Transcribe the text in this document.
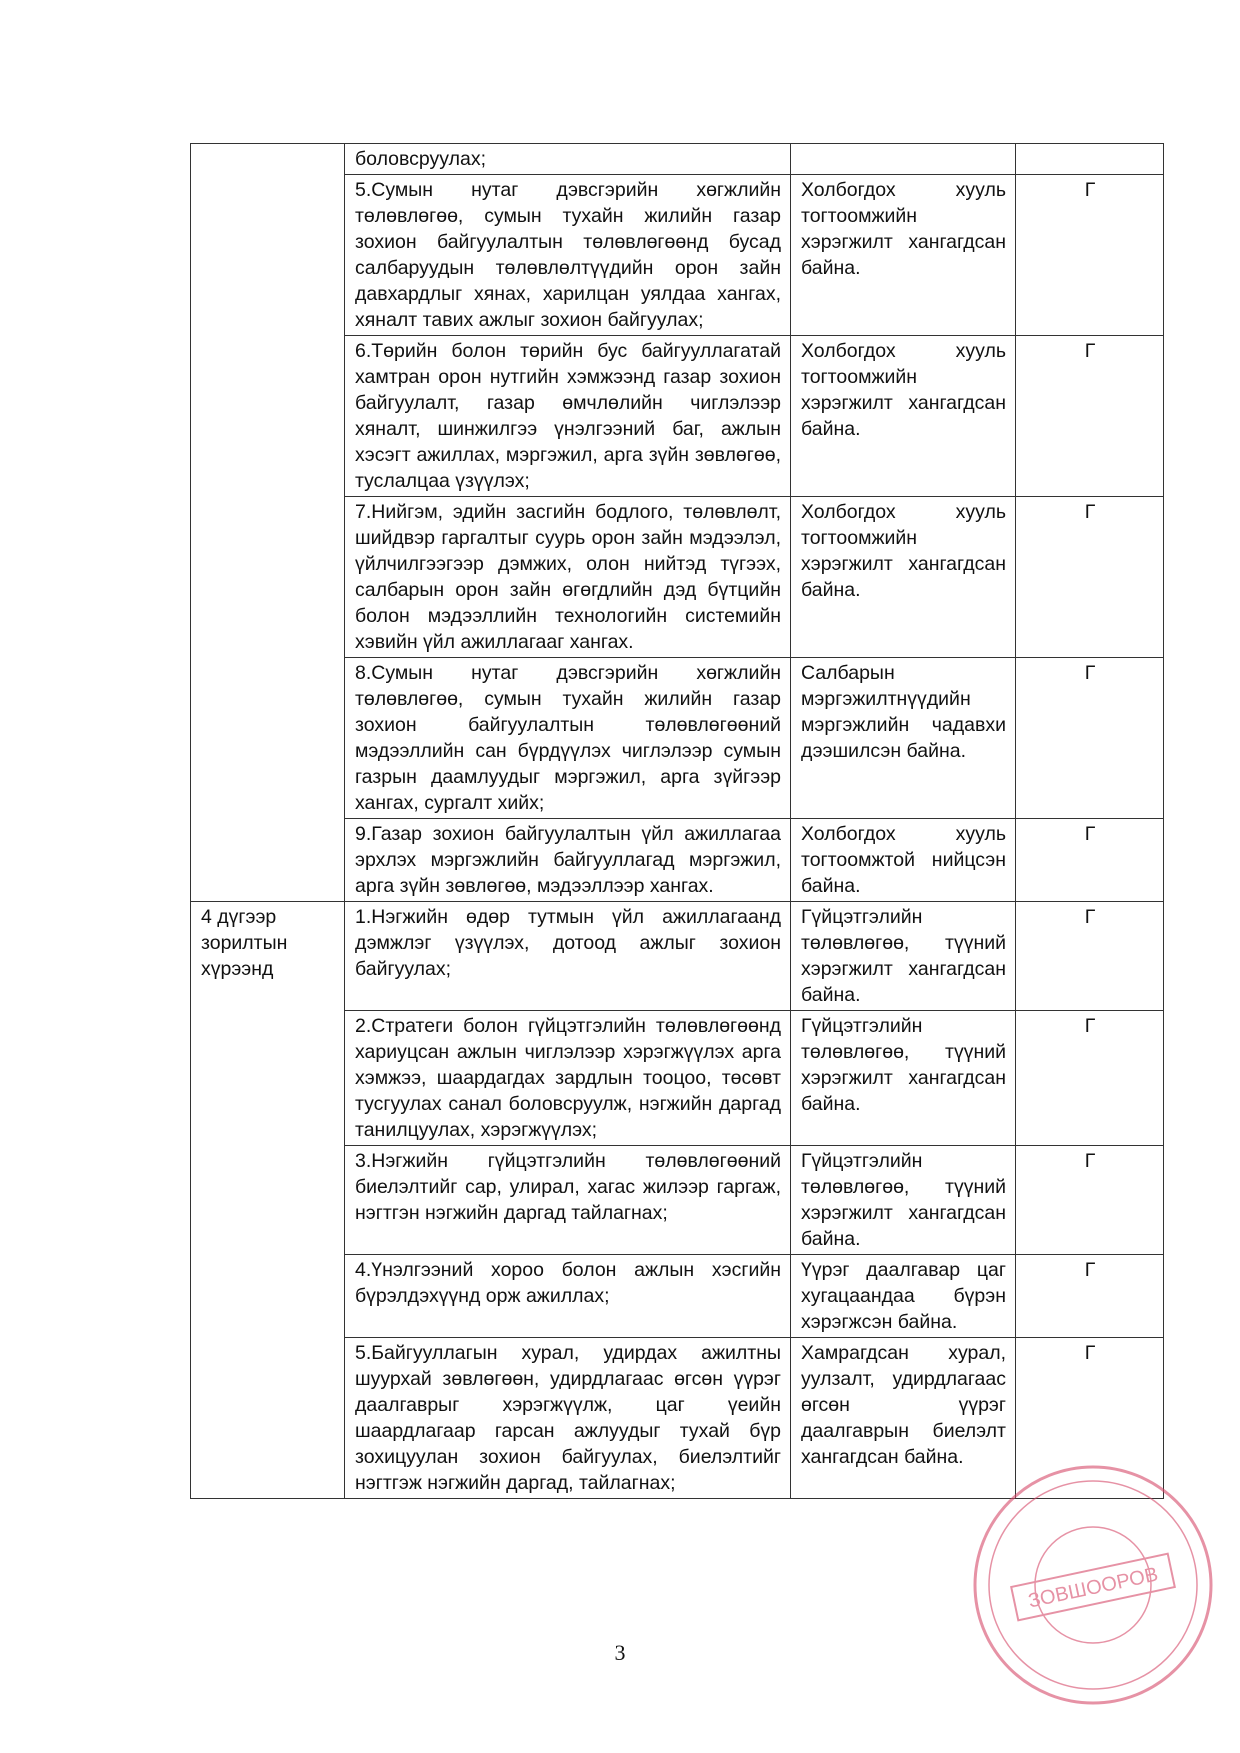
	боловсруулах;		
	5.Сумын нутаг дэвсгэрийн хөгжлийн төлөвлөгөө, сумын тухайн жилийн газар зохион байгуулалтын төлөвлөгөөнд бусад салбаруудын төлөвлөлтүүдийн орон зайн давхардлыг хянах, харилцан уялдаа хангах, хяналт тавих ажлыг зохион байгуулах;	Холбогдох хууль тогтоомжийн хэрэгжилт хангагдсан байна.	Г
	6.Төрийн болон төрийн бус байгууллагатай хамтран орон нутгийн хэмжээнд газар зохион байгуулалт, газар өмчлөлийн чиглэлээр хяналт, шинжилгээ үнэлгээний баг, ажлын хэсэгт ажиллах, мэргэжил, арга зүйн зөвлөгөө, туслалцаа үзүүлэх;	Холбогдох хууль тогтоомжийн хэрэгжилт хангагдсан байна.	Г
	7.Нийгэм, эдийн засгийн бодлого, төлөвлөлт, шийдвэр гаргалтыг суурь орон зайн мэдээлэл, үйлчилгээгээр дэмжих, олон нийтэд түгээх, салбарын орон зайн өгөгдлийн дэд бүтцийн болон мэдээллийн технологийн системийн хэвийн үйл ажиллагааг хангах.	Холбогдох хууль тогтоомжийн хэрэгжилт хангагдсан байна.	Г
	8.Сумын нутаг дэвсгэрийн хөгжлийн төлөвлөгөө, сумын тухайн жилийн газар зохион байгуулалтын төлөвлөгөөний мэдээллийн сан бүрдүүлэх чиглэлээр сумын газрын даамлуудыг мэргэжил, арга зүйгээр хангах, сургалт хийх;	Салбарын мэргэжилтнүүдийн мэргэжлийн чадавхи дээшилсэн байна.	Г
	9.Газар зохион байгуулалтын үйл ажиллагаа эрхлэх мэргэжлийн байгууллагад мэргэжил, арга зүйн зөвлөгөө, мэдээллээр хангах.	Холбогдох хууль тогтоомжтой нийцсэн байна.	Г
4 дүгээр зорилтын хүрээнд	1.Нэгжийн өдөр тутмын үйл ажиллагаанд дэмжлэг үзүүлэх, дотоод ажлыг зохион байгуулах;	Гүйцэтгэлийн төлөвлөгөө, түүний хэрэгжилт хангагдсан байна.	Г
	2.Стратеги болон гүйцэтгэлийн төлөвлөгөөнд хариуцсан ажлын чиглэлээр хэрэгжүүлэх арга хэмжээ, шаардагдах зардлын тооцоо, төсөвт тусгуулах санал боловсруулж, нэгжийн даргад танилцуулах, хэрэгжүүлэх;	Гүйцэтгэлийн төлөвлөгөө, түүний хэрэгжилт хангагдсан байна.	Г
	3.Нэгжийн гүйцэтгэлийн төлөвлөгөөний биелэлтийг сар, улирал, хагас жилээр гаргаж, нэгтгэн нэгжийн даргад тайлагнах;	Гүйцэтгэлийн төлөвлөгөө, түүний хэрэгжилт хангагдсан байна.	Г
	4.Үнэлгээний хороо болон ажлын хэсгийн бүрэлдэхүүнд орж ажиллах;	Үүрэг даалгавар цаг хугацаандаа бүрэн хэрэгжсэн байна.	Г
	5.Байгууллагын хурал, удирдах ажилтны шуурхай зөвлөгөөн, удирдлагаас өгсөн үүрэг даалгаврыг хэрэгжүүлж, цаг үеийн шаардлагаар гарсан ажлуудыг тухай бүр зохицуулан зохион байгуулах, биелэлтийг нэгтгэж нэгжийн даргад, тайлагнах;	Хамрагдсан хурал, уулзалт, удирдлагаас өгсөн үүрэг даалгаврын биелэлт хангагдсан байна.	Г
3
ЗОВШООРОВ
